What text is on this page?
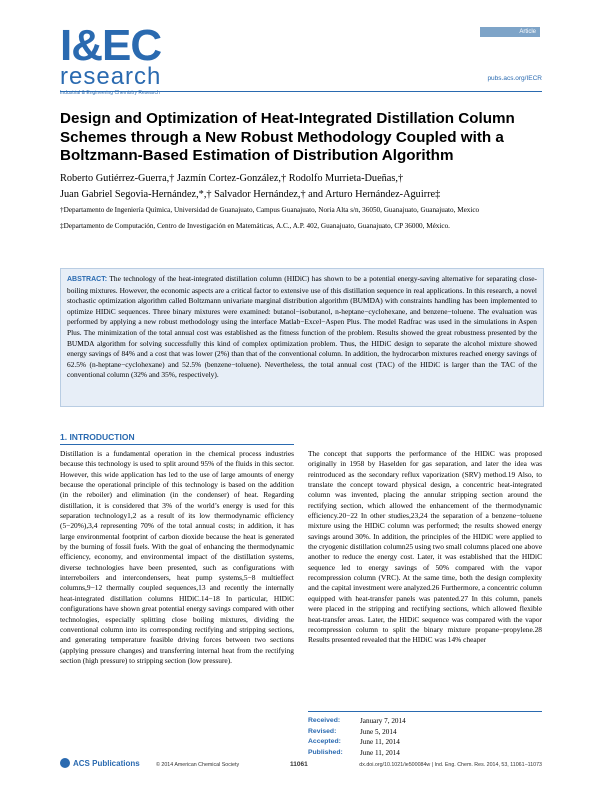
I&EC
research
Industrial & Engineering Chemistry Research
Article
pubs.acs.org/IECR
Design and Optimization of Heat-Integrated Distillation Column Schemes through a New Robust Methodology Coupled with a Boltzmann-Based Estimation of Distribution Algorithm
Roberto Gutiérrez-Guerra,† Jazmín Cortez-González,† Rodolfo Murrieta-Dueñas,†
Juan Gabriel Segovia-Hernández,*,† Salvador Hernández,† and Arturo Hernández-Aguirre‡
†Departamento de Ingeniería Química, Universidad de Guanajuato, Campus Guanajuato, Noria Alta s/n, 36050, Guanajuato, Guanajuato, Mexico
‡Departamento de Computación, Centro de Investigación en Matemáticas, A.C., A.P. 402, Guanajuato, Guanajuato, CP 36000, México.
ABSTRACT: The technology of the heat-integrated distillation column (HIDiC) has shown to be a potential energy-saving alternative for separating close-boiling mixtures. However, the economic aspects are a critical factor to extensive use of this distillation sequence in real applications. In this research, a novel stochastic optimization algorithm called Boltzmann univariate marginal distribution algorithm (BUMDA) with constraints handling has been implemented to optimize HIDiC sequences. Three binary mixtures were examined: butanol−isobutanol, n-heptane−cyclohexane, and benzene−toluene. The evaluation was performed by applying a new robust methodology using the interface Matlab−Excel−Aspen Plus. The model Radfrac was used in the simulations in Aspen Plus. The minimization of the total annual cost was established as the fitness function of the problem. Results showed the great robustness presented by the BUMDA algorithm for solving successfully this kind of complex optimization problem. Thus, the HIDiC design to separate the alcohol mixture showed energy savings of 84% and a cost that was lower (2%) than that of the conventional column. In addition, the hydrocarbon mixtures reached energy savings of 62.5% (n-heptane−cyclohexane) and 52.5% (benzene−toluene). Nevertheless, the total annual cost (TAC) of the HIDiC is larger than the TAC of the conventional column (32% and 35%, respectively).
1. INTRODUCTION
Distillation is a fundamental operation in the chemical process industries because this technology is used to split around 95% of the fluids in this sector. However, this wide application has led to the use of large amounts of energy because the operational principle of this technology is based on the addition (in the reboiler) and elimination (in the condenser) of heat. Regarding distillation, it is considered that 3% of the world’s energy is used for this separation technology1,2 as a result of its low thermodynamic efficiency (5−20%),3,4 representing 70% of the total annual costs; in addition, it has large environmental footprint of carbon dioxide because the heat is generated by the burning of fossil fuels. With the goal of enhancing the thermodynamic efficiency, economy, and environmental impact of the distillation systems, diverse technologies have been presented, such as configurations with interreboilers and intercondensers, heat pump systems,5−8 multieffect columns,9−12 thermally coupled sequences,13 and recently the internally heat-integrated distillation columns HIDiC.14−18 In particular, HIDiC configurations have shown great potential energy savings compared with other technologies, especially splitting close boiling mixtures, dividing the conventional column into its corresponding rectifying and stripping sections, and generating temperature feasible driving forces between two sections (applying pressure changes) and transferring internal heat from the rectifying section (high pressure) to stripping section (low pressure).
The concept that supports the performance of the HIDiC was proposed originally in 1958 by Haselden for gas separation, and later the idea was reintroduced as the secondary reflux vaporization (SRV) method.19 Also, to translate the concept toward physical design, a concentric heat-integrated column was invented, placing the annular stripping section around the rectifying section, which allowed the enhancement of the thermodynamic efficiency.20−22 In other studies,23,24 the separation of a benzene−toluene mixture using the HIDiC column was performed; the results showed energy savings around 30%. In addition, the principles of the HIDiC were applied to the cryogenic distillation column25 using two small columns placed one above another to reduce the energy cost. Later, it was established that the HIDiC sequence led to energy savings of 50% compared with the vapor recompression column (VRC). At the same time, both the design complexity and the capital investment were analyzed.26 Furthermore, a concentric column equipped with heat-transfer panels was patented.27 In this column, panels were placed in the stripping and rectifying sections, which allowed flexible heat-transfer areas. Later, the HIDiC sequence was compared with the vapor recompression column to split the binary mixture propane−propylene.28 Results presented revealed that the HIDiC was 14% cheaper
Received:	January 7, 2014
Revised:	June 5, 2014
Accepted:	June 11, 2014
Published:	June 11, 2014
ACS Publications	© 2014 American Chemical Society	11061	dx.doi.org/10.1021/ie500084w | Ind. Eng. Chem. Res. 2014, 53, 11061−11073
